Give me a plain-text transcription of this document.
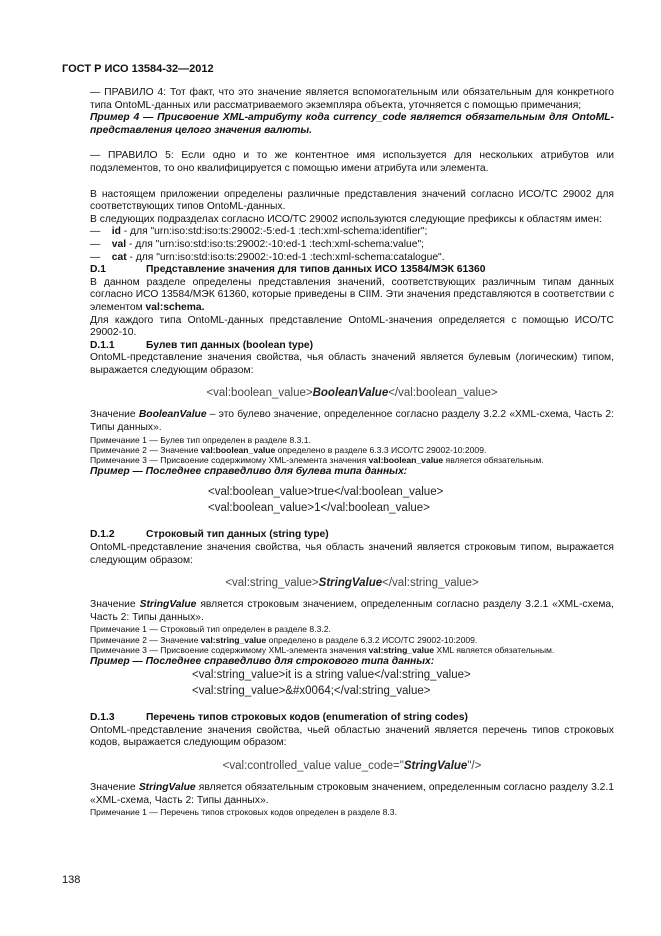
ГОСТ Р ИСО 13584-32—2012

— ПРАВИЛО 4: Тот факт, что это значение является вспомогательным или обязательным для конкретного типа OntoML-данных или рассматриваемого экземпляра объекта, уточняется с помощью примечания;

Пример 4 — Присвоение XML-атрибуту кода currency_code является обязательным для OntoML-представления целого значения валюты.

— ПРАВИЛО 5: Если одно и то же контентное имя используется для нескольких атрибутов или подэлементов, то оно квалифицируется с помощью имени атрибута или элемента.

В настоящем приложении определены различные представления значений согласно ИСО/ТС 29002 для соответствующих типов OntoML-данных.

В следующих подразделах согласно ИСО/ТС 29002 используются следующие префиксы к областям имен:

— id - для "urn:iso:std:iso:ts:29002:-5:ed-1 :tech:xml-schema:identifier";

— val - для "urn:iso:std:iso:ts:29002:-10:ed-1 :tech:xml-schema:value";

— cat - для "urn:iso:std:iso:ts:29002:-10:ed-1 :tech:xml-schema:catalogue".

D.1	Представление значения для типов данных ИСО 13584/МЭК 61360

В данном разделе определены представления значений, соответствующих различным типам данных согласно ИСО 13584/МЭК 61360, которые приведены в CIIM. Эти значения представляются в соответствии с элементом val:schema.

Для каждого типа OntoML-данных представление OntoML-значения определяется с помощью ИСО/ТС 29002-10.

D.1.1	Булев тип данных (boolean type)

OntoML-представление значения свойства, чья область значений является булевым (логическим) типом, выражается следующим образом:

<val:boolean_value>BooleanValue</val:boolean_value>

Значение BooleanValue – это булево значение, определенное согласно разделу 3.2.2 «XML-схема, Часть 2: Типы данных».

Примечание 1 — Булев тип определен в разделе 8.3.1.

Примечание 2 — Значение val:boolean_value определено в разделе 6.3.3 ИСО/ТС 29002-10:2009.

Примечание 3 — Присвоение содержимому XML-элемента значения val:boolean_value является обязательным.

Пример — Последнее справедливо для булева типа данных:

<val:boolean_value>true</val:boolean_value>
<val:boolean_value>1</val:boolean_value>

D.1.2	Строковый тип данных (string type)

OntoML-представление значения свойства, чья область значений является строковым типом, выражается следующим образом:

<val:string_value>StringValue</val:string_value>

Значение StringValue является строковым значением, определенным согласно разделу 3.2.1 «XML-схема, Часть 2: Типы данных».

Примечание 1 — Строковый тип определен в разделе 8.3.2.

Примечание 2 — Значение val:string_value определено в разделе 6.3.2 ИСО/ТС 29002-10:2009.

Примечание 3 — Присвоение содержимому XML-элемента значения val:string_value XML является обязательным.

Пример — Последнее справедливо для строкового типа данных:

<val:string_value>it is a string value</val:string_value>
<val:string_value>&#x0064;</val:string_value>

D.1.3	Перечень типов строковых кодов (enumeration of string codes)

OntoML-представление значения свойства, чьей областью значений является перечень типов строковых кодов, выражается следующим образом:

<val:controlled_value value_code="StringValue"/>

Значение StringValue является обязательным строковым значением, определенным согласно разделу 3.2.1 «XML-схема, Часть 2: Типы данных».

Примечание 1 — Перечень типов строковых кодов определен в разделе 8.3.

138
